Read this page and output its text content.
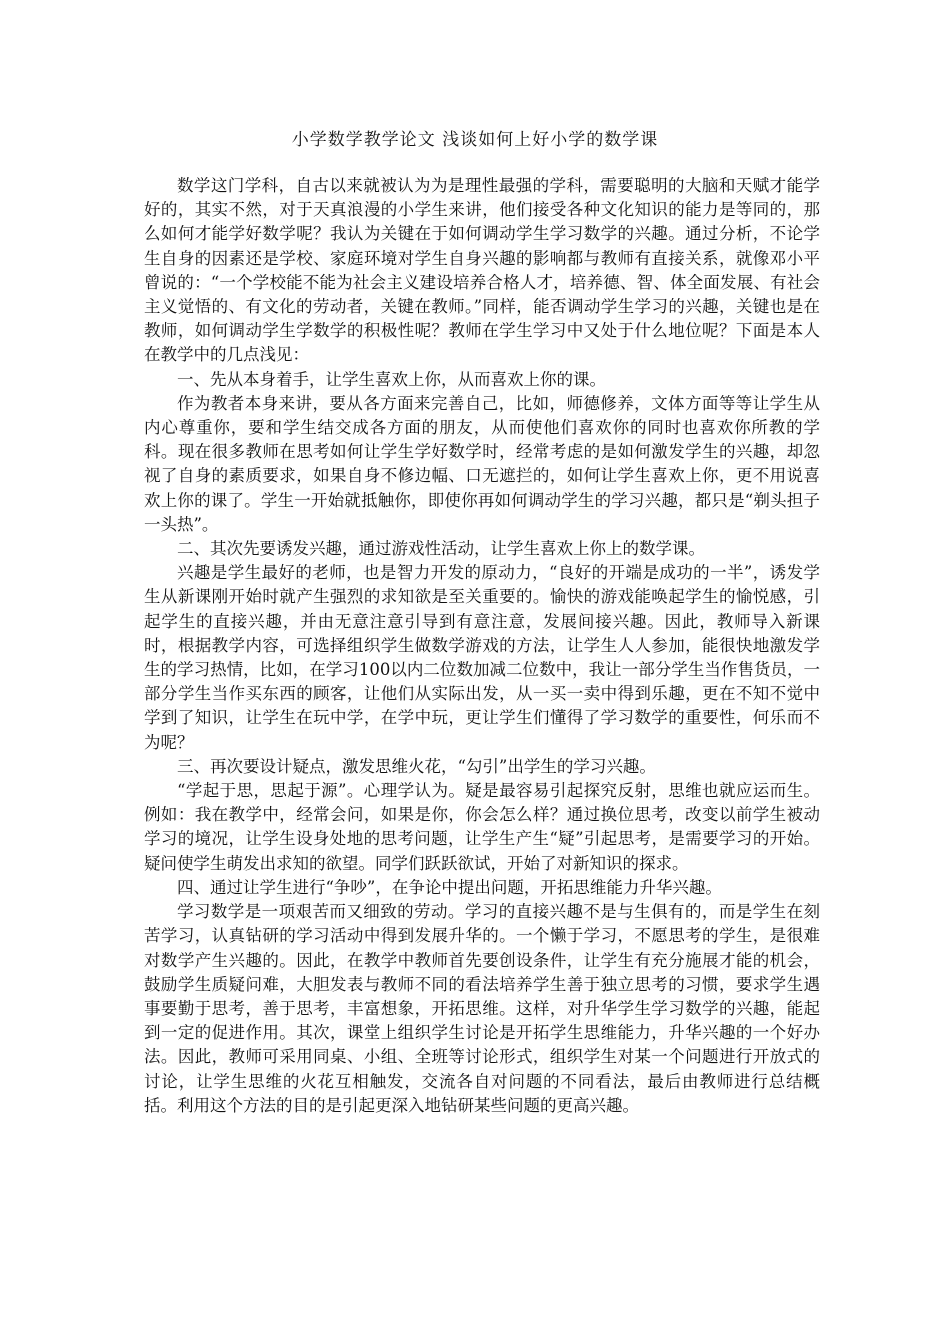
小学数学教学论文 浅谈如何上好小学的数学课

数学这门学科，自古以来就被认为为是理性最强的学科，需要聪明的大脑和天赋才能学好的，其实不然，对于天真浪漫的小学生来讲，他们接受各种文化知识的能力是等同的，那么如何才能学好数学呢？我认为关键在于如何调动学生学习数学的兴趣。通过分析，不论学生自身的因素还是学校、家庭环境对学生自身兴趣的影响都与教师有直接关系，就像邓小平曾说的：“一个学校能不能为社会主义建设培养合格人才，培养德、智、体全面发展、有社会主义觉悟的、有文化的劳动者，关键在教师。”同样，能否调动学生学习的兴趣，关键也是在教师，如何调动学生学数学的积极性呢？教师在学生学习中又处于什么地位呢？下面是本人在教学中的几点浅见：

一、先从本身着手，让学生喜欢上你，从而喜欢上你的课。

作为教者本身来讲，要从各方面来完善自己，比如，师德修养，文体方面等等让学生从内心尊重你，要和学生结交成各方面的朋友，从而使他们喜欢你的同时也喜欢你所教的学科。现在很多教师在思考如何让学生学好数学时，经常考虑的是如何激发学生的兴趣，却忽视了自身的素质要求，如果自身不修边幅、口无遮拦的，如何让学生喜欢上你，更不用说喜欢上你的课了。学生一开始就抵触你，即使你再如何调动学生的学习兴趣，都只是“剃头担子一头热”。

二、其次先要诱发兴趣，通过游戏性活动，让学生喜欢上你上的数学课。

兴趣是学生最好的老师，也是智力开发的原动力，“良好的开端是成功的一半”，诱发学生从新课刚开始时就产生强烈的求知欲是至关重要的。愉快的游戏能唤起学生的愉悦感，引起学生的直接兴趣，并由无意注意引导到有意注意，发展间接兴趣。因此，教师导入新课时，根据教学内容，可选择组织学生做数学游戏的方法，让学生人人参加，能很快地激发学生的学习热情，比如，在学习100以内二位数加减二位数中，我让一部分学生当作售货员，一部分学生当作买东西的顾客，让他们从实际出发，从一买一卖中得到乐趣，更在不知不觉中学到了知识，让学生在玩中学，在学中玩，更让学生们懂得了学习数学的重要性，何乐而不为呢？

三、再次要设计疑点，激发思维火花，“勾引”出学生的学习兴趣。

“学起于思，思起于源”。心理学认为。疑是最容易引起探究反射，思维也就应运而生。例如：我在教学中，经常会问，如果是你，你会怎么样？通过换位思考，改变以前学生被动学习的境况，让学生设身处地的思考问题，让学生产生“疑”引起思考，是需要学习的开始。疑问使学生萌发出求知的欲望。同学们跃跃欲试，开始了对新知识的探求。

四、通过让学生进行“争吵”，在争论中提出问题，开拓思维能力升华兴趣。

学习数学是一项艰苦而又细致的劳动。学习的直接兴趣不是与生俱有的，而是学生在刻苦学习，认真钻研的学习活动中得到发展升华的。一个懒于学习，不愿思考的学生，是很难对数学产生兴趣的。因此，在教学中教师首先要创设条件，让学生有充分施展才能的机会，鼓励学生质疑问难，大胆发表与教师不同的看法培养学生善于独立思考的习惯，要求学生遇事要勤于思考，善于思考，丰富想象，开拓思维。这样，对升华学生学习数学的兴趣，能起到一定的促进作用。其次，课堂上组织学生讨论是开拓学生思维能力，升华兴趣的一个好办法。因此，教师可采用同桌、小组、全班等讨论形式，组织学生对某一个问题进行开放式的讨论，让学生思维的火花互相触发，交流各自对问题的不同看法，最后由教师进行总结概括。利用这个方法的目的是引起更深入地钻研某些问题的更高兴趣。
